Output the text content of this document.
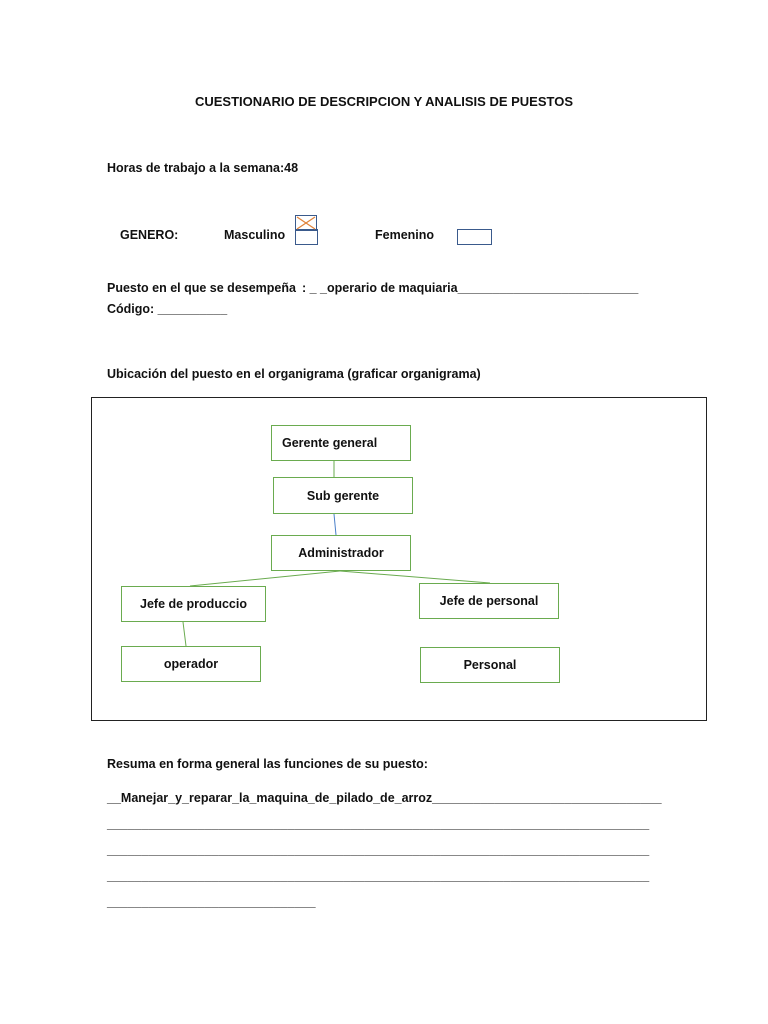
CUESTIONARIO DE DESCRIPCION Y ANALISIS DE PUESTOS
Horas de trabajo a la semana:48
GENERO:	Masculino	Femenino
Puesto en el que se desempeña : _ _operario de maquiaria__________________________
Código: __________
Ubicación del puesto en el organigrama (graficar organigrama)
Gerente general
Sub gerente
Administrador
Jefe de produccio	Jefe de personal
operador	Personal
Resuma en forma general las funciones de su puesto:
__Manejar_y_reparar_la_maquina_de_pilado_de_arroz_________________________________
______________________________________________________________________________
______________________________________________________________________________
______________________________________________________________________________
______________________________
